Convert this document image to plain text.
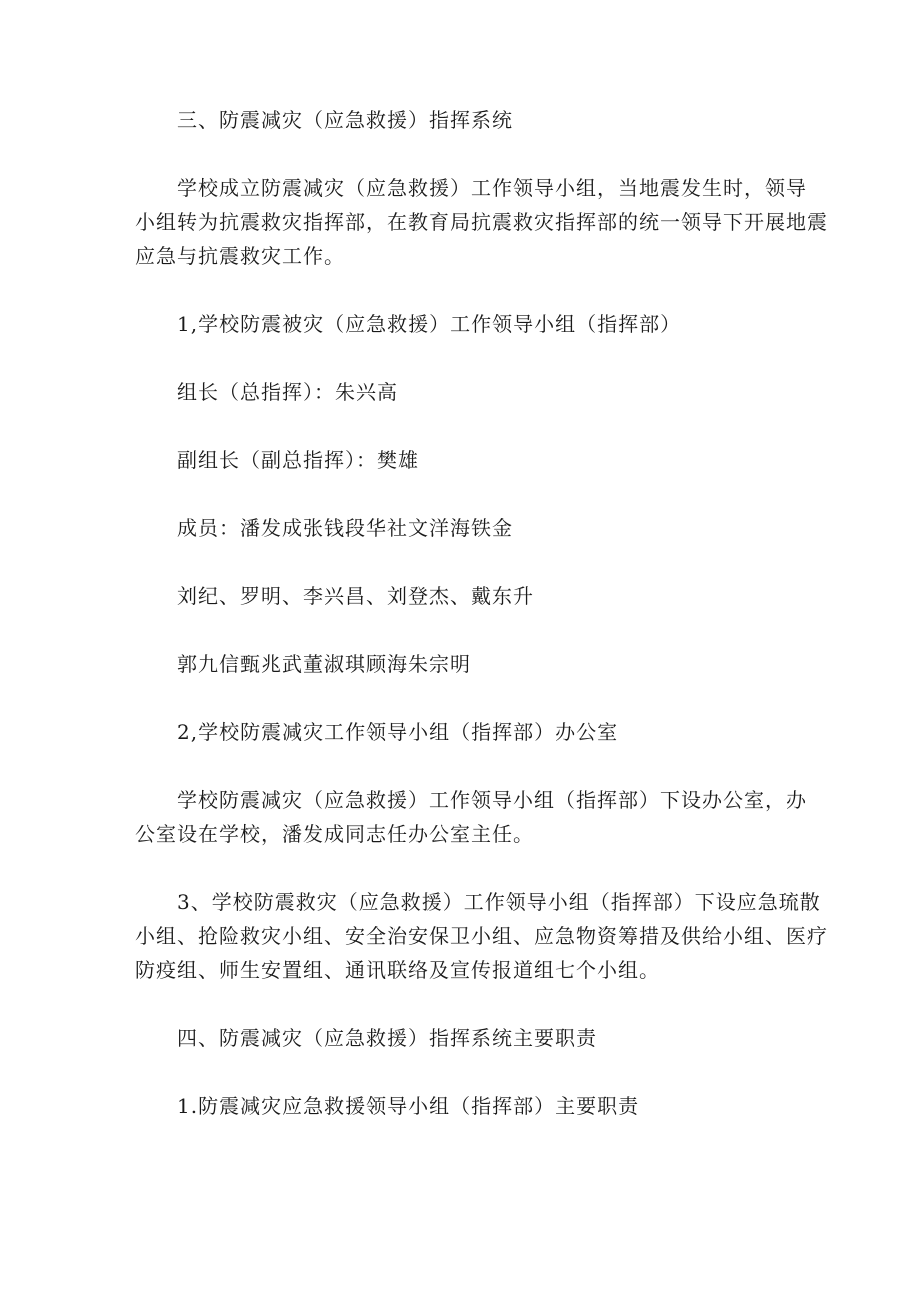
三、防震减灾（应急救援）指挥系统
学校成立防震减灾（应急救援）工作领导小组，当地震发生时，领导
小组转为抗震救灾指挥部，在教育局抗震救灾指挥部的统一领导下开展地震
应急与抗震救灾工作。
1,学校防震被灾（应急救援）工作领导小组（指挥部）
组长（总指挥）：朱兴高
副组长（副总指挥）：樊雄
成员：潘发成张钱段华社文洋海铁金
刘纪、罗明、李兴昌、刘登杰、戴东升
郭九信甄兆武董淑琪顾海朱宗明
2,学校防震减灾工作领导小组（指挥部）办公室
学校防震减灾（应急救援）工作领导小组（指挥部）下设办公室，办
公室设在学校，潘发成同志任办公室主任。
3、学校防震救灾（应急救援）工作领导小组（指挥部）下设应急琉散
小组、抢险救灾小组、安全治安保卫小组、应急物资筹措及供给小组、医疗
防疫组、师生安置组、通讯联络及宣传报道组七个小组。
四、防震减灾（应急救援）指挥系统主要职责
1.防震减灾应急救援领导小组（指挥部）主要职责
